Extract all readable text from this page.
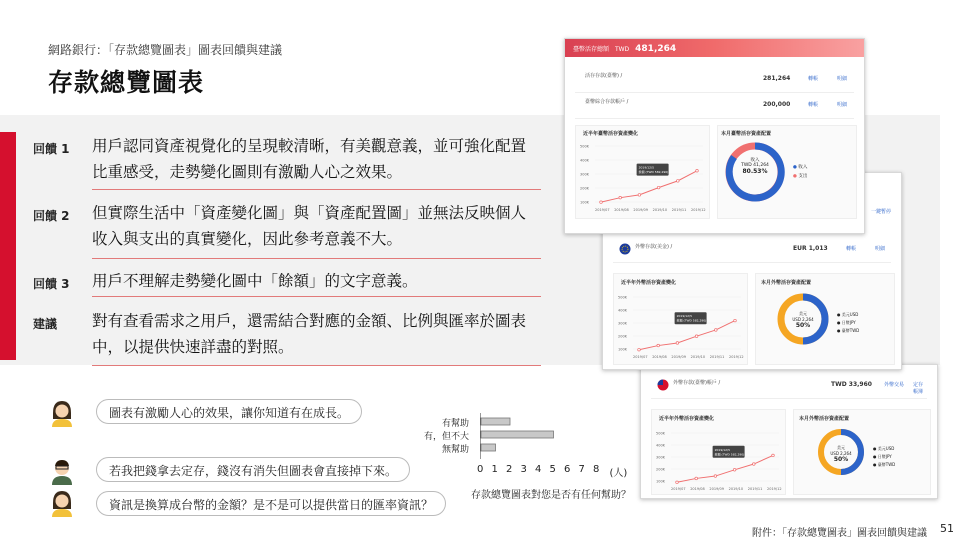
網路銀行：「存款總覽圖表」圖表回饋與建議
存款總覽圖表
回饋 1 用戶認同資產視覺化的呈現較清晰，有美觀意義，並可強化配置
比重感受，走勢變化圖則有激勵人心之效果。
回饋 2 但實際生活中「資產變化圖」與「資產配置圖」並無法反映個人
收入與支出的真實變化，因此參考意義不大。
回饋 3 用戶不理解走勢變化圖中「餘額」的文字意義。
建議 對有查看需求之用戶，還需結合對應的金額、比例與匯率於圖表
中，以提供快速詳盡的對照。
外幣存款(臺幣)帳戶 /	TWD 33,960 外幣交易 定存帳簿
近半年外幣活存資產變化
500K
400K
300K
200K
100K
2019/07 2019/08 2019/09 2019/10 2019/11 2019/12
2019/12/5
餘額 (TWD 582,290)
本月外幣活存資產配置
美元
USD 2,264
50%
● 美元USD
● 日幣JPY
● 臺幣TWD
一鍵暫停
外幣存款(美金) /	EUR 1,013	轉帳	明細
近半年外幣活存資產變化
500K
400K
300K
200K
100K
2019/07 2019/08 2019/09 2019/10 2019/11 2019/12
2019/12/5
餘額 (TWD 582,290)
本月外幣活存資產配置
美元
USD 2,264
50%
● 美元USD
● 日幣JPY
● 臺幣TWD
臺幣活存總額 TWD 481,264
活存存款(臺幣) /	281,264	轉帳	明細
臺幣綜合存款帳戶 /	200,000	轉帳	明細
近半年臺幣活存資產變化
500K
400K
300K
200K
100K
2019/07 2019/08 2019/09 2019/10 2019/11 2019/12
2019/12/5
餘額 (TWD 582,290)
本月臺幣活存資產配置
收入
TWD 41,264
80.53%
● 收入
● 支出
圖表有激勵人心的效果，讓你知道有在成長。
若我把錢拿去定存，錢沒有消失但圖表會直接掉下來。
資訊是換算成台幣的金額？是不是可以提供當日的匯率資訊？
有幫助
有，但不大
無幫助
0 1 2 3 4 5 6 7 8 (人)
存款總覽圖表對您是否有任何幫助？
附件：「存款總覽圖表」圖表回饋與建議 51
